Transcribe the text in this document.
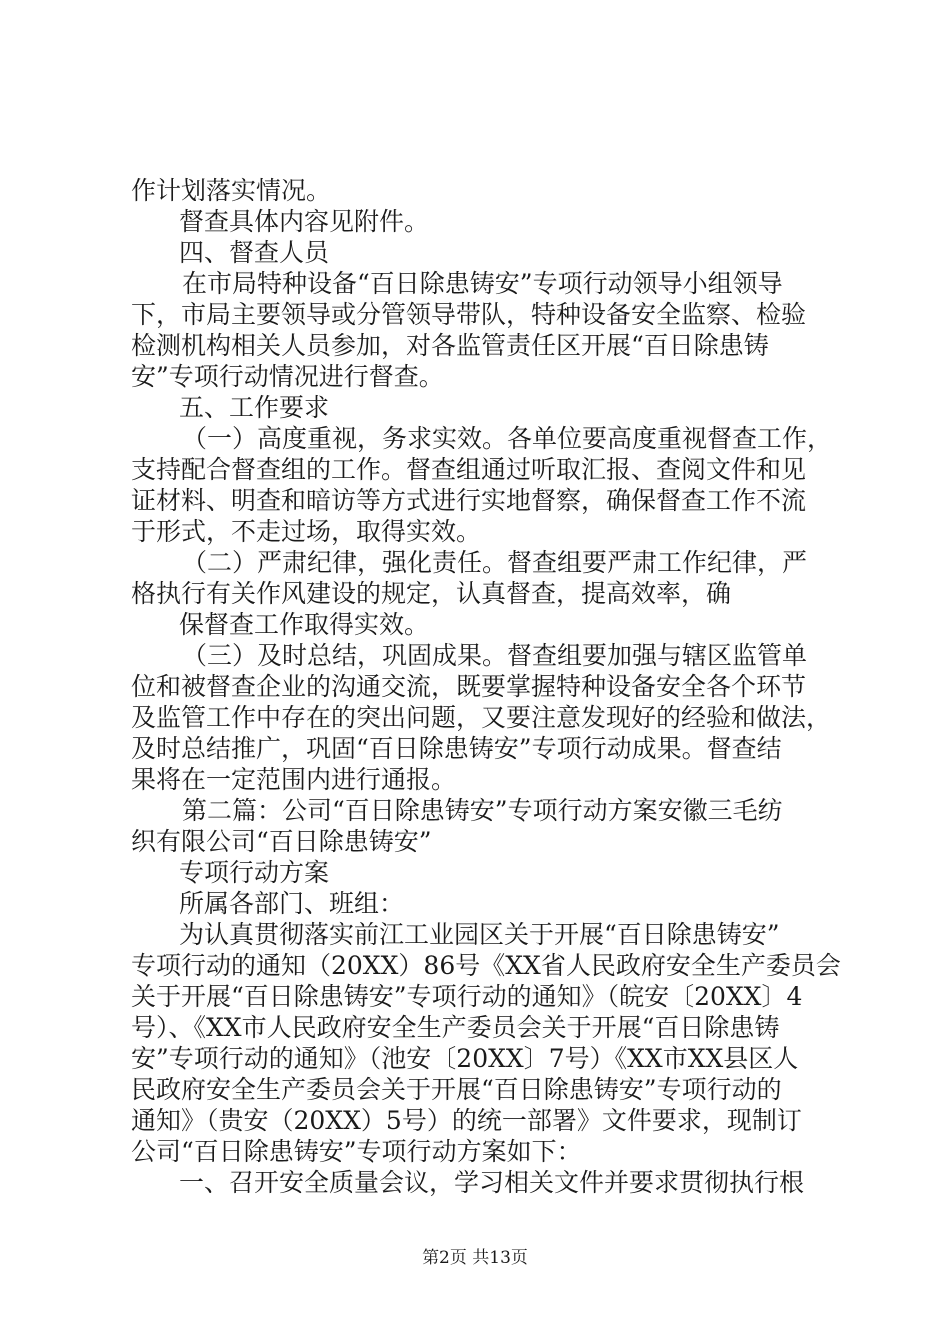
作计划落实情况。
督查具体内容见附件。
四、督查人员
在市局特种设备“百日除患铸安”专项行动领导小组领导
下，市局主要领导或分管领导带队，特种设备安全监察、检验
检测机构相关人员参加，对各监管责任区开展“百日除患铸
安”专项行动情况进行督查。
五、工作要求
（一）高度重视，务求实效。各单位要高度重视督查工作，
支持配合督查组的工作。督查组通过听取汇报、查阅文件和见
证材料、明查和暗访等方式进行实地督察，确保督查工作不流
于形式，不走过场，取得实效。
（二）严肃纪律，强化责任。督查组要严肃工作纪律，严
格执行有关作风建设的规定，认真督查，提高效率，确
保督查工作取得实效。
（三）及时总结，巩固成果。督查组要加强与辖区监管单
位和被督查企业的沟通交流，既要掌握特种设备安全各个环节
及监管工作中存在的突出问题，又要注意发现好的经验和做法，
及时总结推广，巩固“百日除患铸安”专项行动成果。督查结
果将在一定范围内进行通报。
第二篇：公司“百日除患铸安”专项行动方案安徽三毛纺
织有限公司“百日除患铸安”
专项行动方案
所属各部门、班组：
为认真贯彻落实前江工业园区关于开展“百日除患铸安”
专项行动的通知（20XX）86号《XX省人民政府安全生产委员会
关于开展“百日除患铸安”专项行动的通知》（皖安〔20XX〕4
号）、《XX市人民政府安全生产委员会关于开展“百日除患铸
安”专项行动的通知》（池安〔20XX〕7号）《XX市XX县区人
民政府安全生产委员会关于开展“百日除患铸安”专项行动的
通知》（贵安（20XX）5号）的统一部署》文件要求，现制订
公司“百日除患铸安”专项行动方案如下：
一、召开安全质量会议，学习相关文件并要求贯彻执行根
第2页 共13页
